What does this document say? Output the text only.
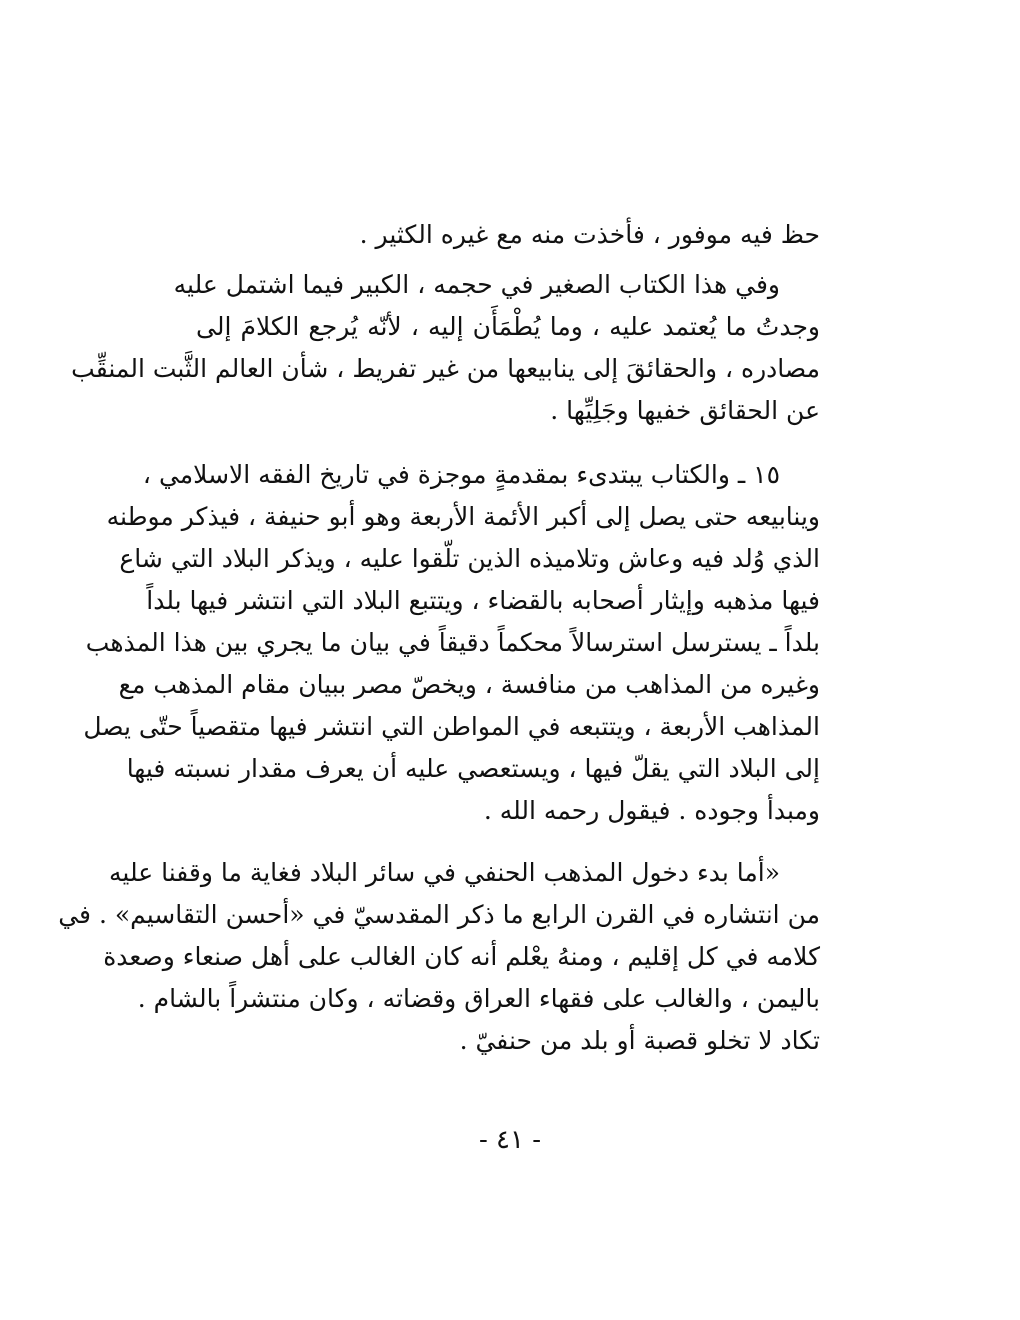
حظ فيه موفور ، فأخذت منه مع غيره الكثير .
وفي هذا الكتاب الصغير في حجمه ، الكبير فيما اشتمل عليه
وجدتُ ما يُعتمد عليه ، وما يُطْمَأَن إليه ، لأنّه يُرجع الكلامَ إلى
مصادره ، والحقائقَ إلى ينابيعها من غير تفريط ، شأن العالم الثَّبت المنقِّب
عن الحقائق خفيها وجَلِيِّها .
١٥ ـ والكتاب يبتدىء بمقدمةٍ موجزة في تاريخ الفقه الاسلامي ،
وينابيعه حتى يصل إلى أكبر الأئمة الأربعة وهو أبو حنيفة ، فيذكر موطنه
الذي وُلد فيه وعاش وتلاميذه الذين تلّقوا عليه ، ويذكر البلاد التي شاع
فيها مذهبه وإيثار أصحابه بالقضاء ، ويتتبع البلاد التي انتشر فيها بلداً
بلداً ـ يسترسل استرسالاً محكماً دقيقاً في بيان ما يجري بين هذا المذهب
وغيره من المذاهب من منافسة ، ويخصّ مصر ببيان مقام المذهب مع
المذاهب الأربعة ، ويتتبعه في المواطن التي انتشر فيها متقصياً حتّى يصل
إلى البلاد التي يقلّ فيها ، ويستعصي عليه أن يعرف مقدار نسبته فيها
ومبدأ وجوده . فيقول رحمه الله .
«أما بدء دخول المذهب الحنفي في سائر البلاد فغاية ما وقفنا عليه
من انتشاره في القرن الرابع ما ذكر المقدسيّ في «أحسن التقاسيم» . في
كلامه في كل إقليم ، ومنهُ يعْلم أنه كان الغالب على أهل صنعاء وصعدة
باليمن ، والغالب على فقهاء العراق وقضاته ، وكان منتشراً بالشام .
تكاد لا تخلو قصبة أو بلد من حنفيّ .
- ٤١ -
